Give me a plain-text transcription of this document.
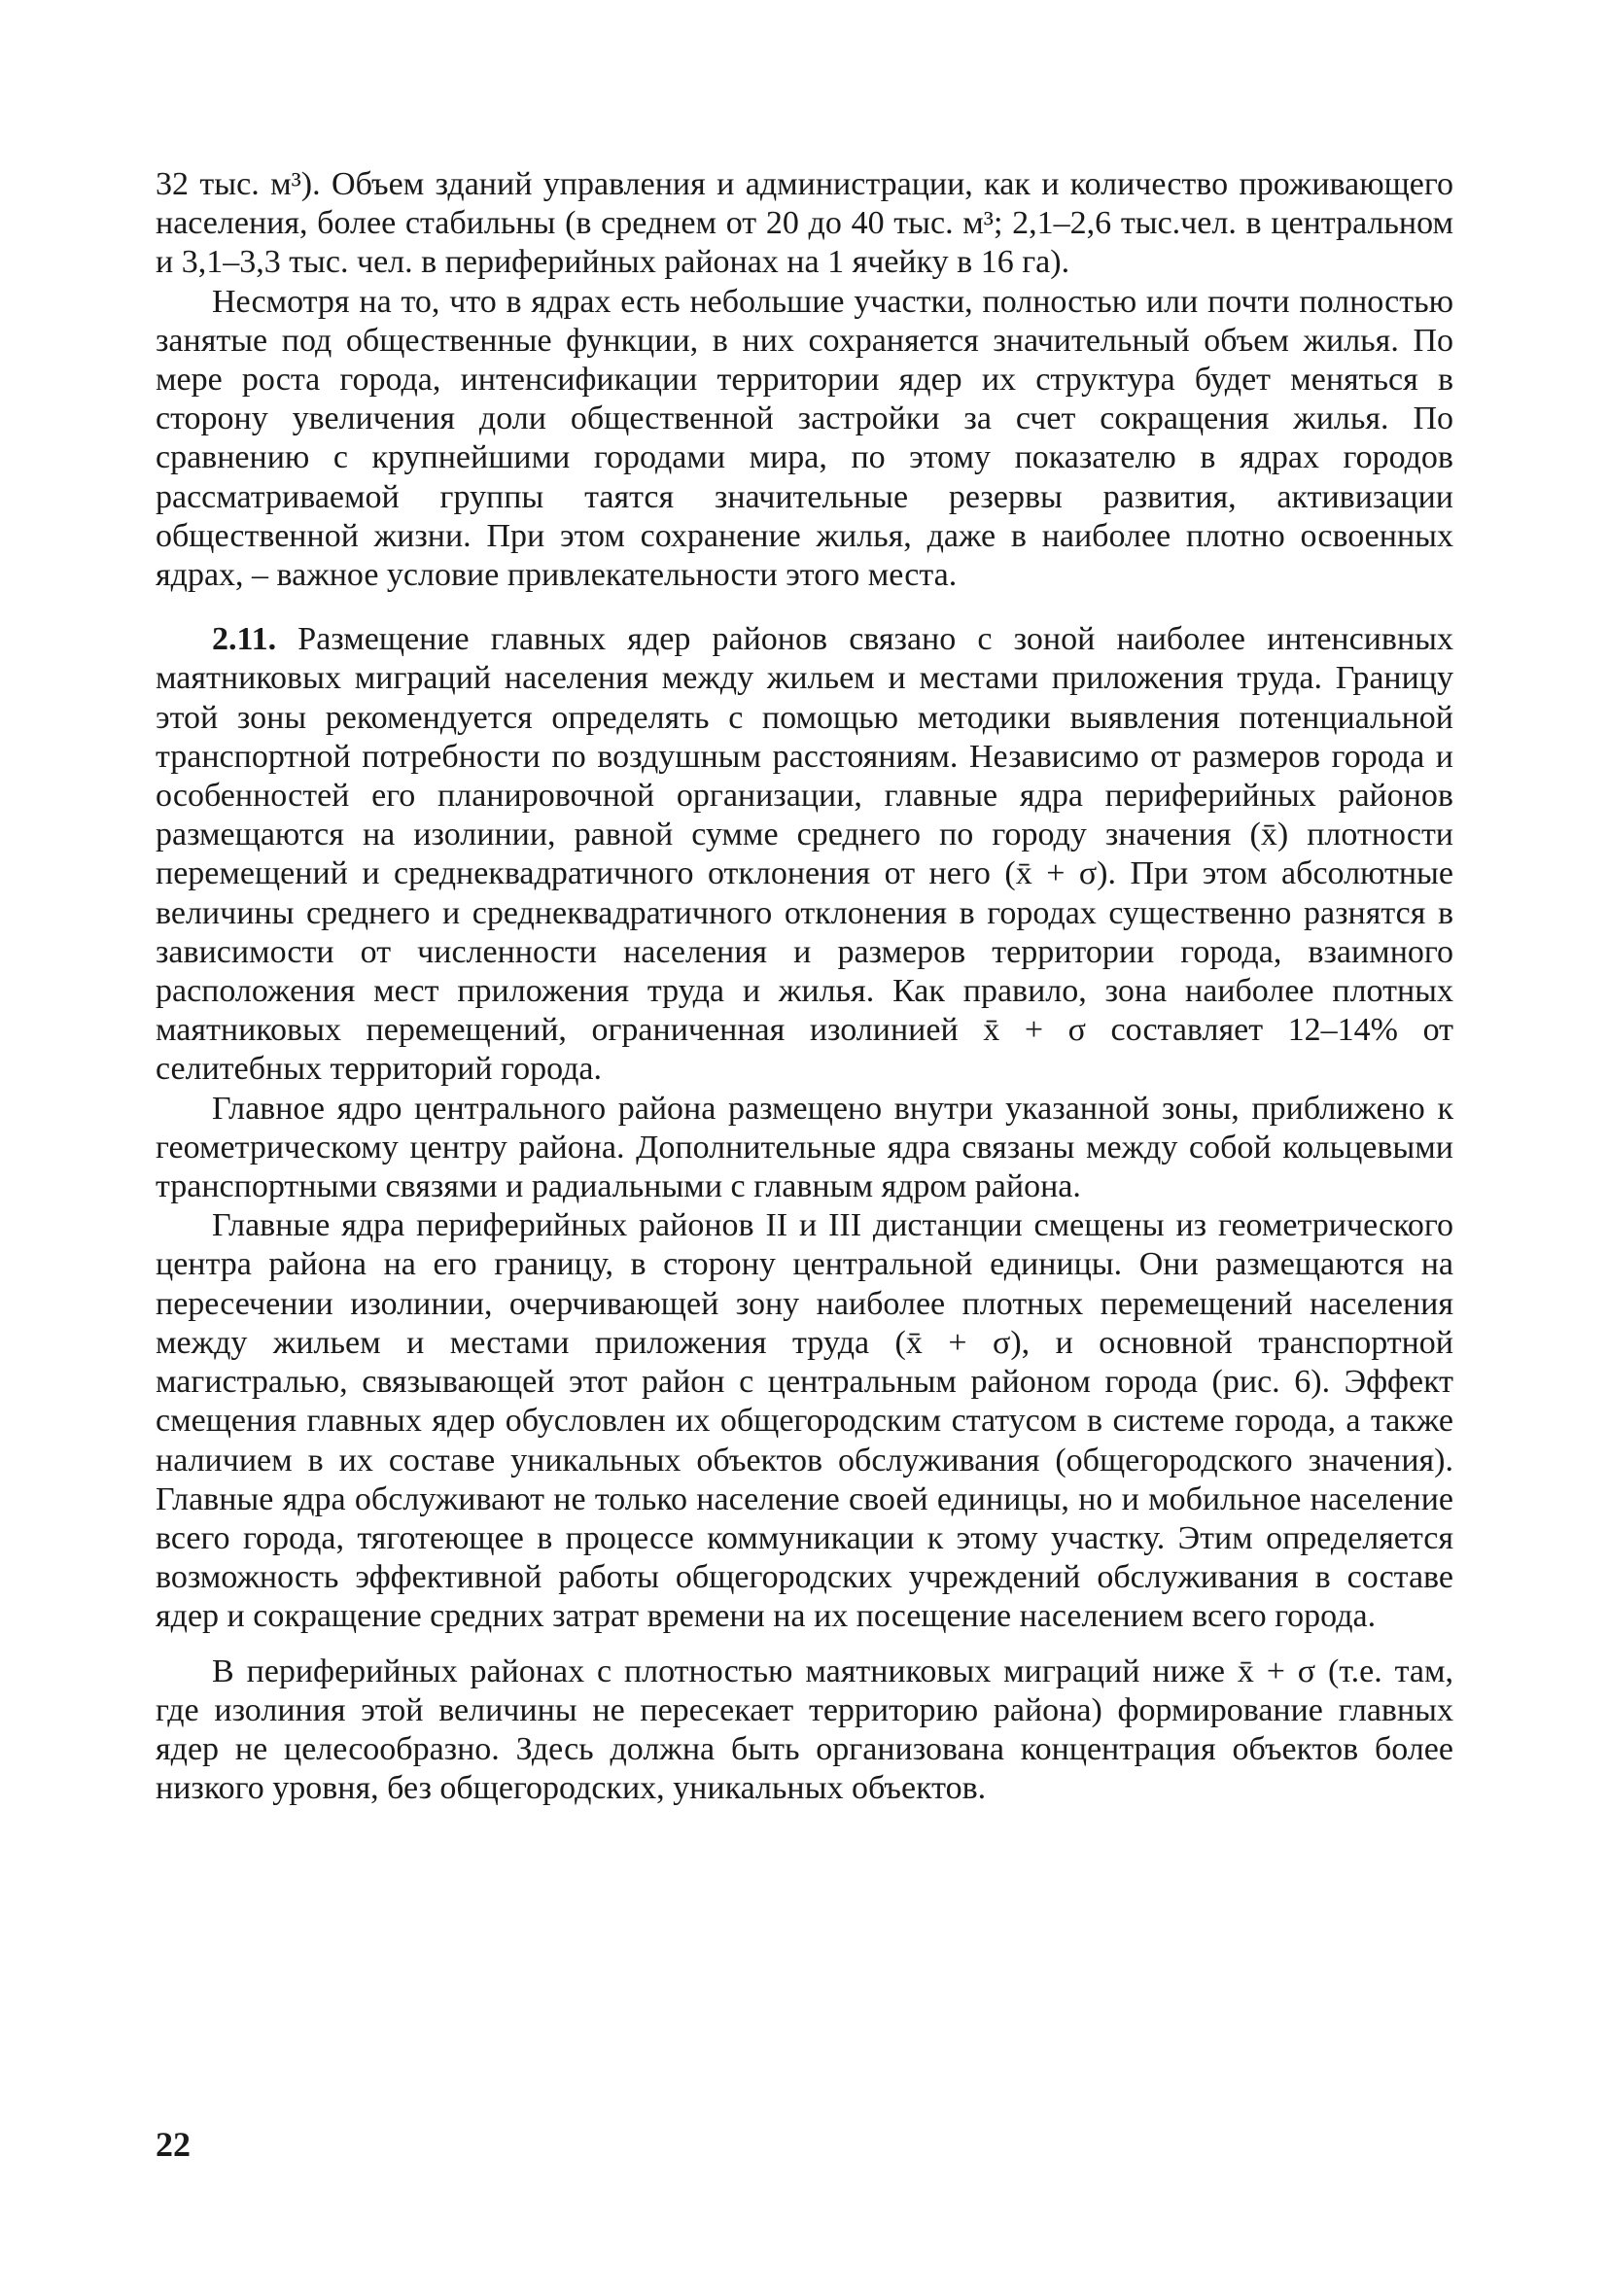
32 тыс. м³). Объем зданий управления и администрации, как и количество проживающего населения, более стабильны (в среднем от 20 до 40 тыс. м³; 2,1–2,6 тыс.чел. в центральном и 3,1–3,3 тыс. чел. в периферийных районах на 1 ячейку в 16 га).

Несмотря на то, что в ядрах есть небольшие участки, полностью или почти полностью занятые под общественные функции, в них сохраняется значительный объем жилья. По мере роста города, интенсификации территории ядер их структура будет меняться в сторону увеличения доли общественной застройки за счет сокращения жилья. По сравнению с крупнейшими городами мира, по этому показателю в ядрах городов рассматриваемой группы таятся значительные резервы развития, активизации общественной жизни. При этом сохранение жилья, даже в наиболее плотно освоенных ядрах, – важное условие привлекательности этого места.

2.11. Размещение главных ядер районов связано с зоной наиболее интенсивных маятниковых миграций населения между жильем и местами приложения труда. Границу этой зоны рекомендуется определять с помощью методики выявления потенциальной транспортной потребности по воздушным расстояниям. Независимо от размеров города и особенностей его планировочной организации, главные ядра периферийных районов размещаются на изолинии, равной сумме среднего по городу значения (x̄) плотности перемещений и среднеквадратичного отклонения от него (x̄ + σ). При этом абсолютные величины среднего и среднеквадратичного отклонения в городах существенно разнятся в зависимости от численности населения и размеров территории города, взаимного расположения мест приложения труда и жилья. Как правило, зона наиболее плотных маятниковых перемещений, ограниченная изолинией x̄ + σ составляет 12–14% от селитебных территорий города.

Главное ядро центрального района размещено внутри указанной зоны, приближено к геометрическому центру района. Дополнительные ядра связаны между собой кольцевыми транспортными связями и радиальными с главным ядром района.

Главные ядра периферийных районов II и III дистанции смещены из геометрического центра района на его границу, в сторону центральной единицы. Они размещаются на пересечении изолинии, очерчивающей зону наиболее плотных перемещений населения между жильем и местами приложения труда (x̄ + σ), и основной транспортной магистралью, связывающей этот район с центральным районом города (рис. 6). Эффект смещения главных ядер обусловлен их общегородским статусом в системе города, а также наличием в их составе уникальных объектов обслуживания (общегородского значения). Главные ядра обслуживают не только население своей единицы, но и мобильное население всего города, тяготеющее в процессе коммуникации к этому участку. Этим определяется возможность эффективной работы общегородских учреждений обслуживания в составе ядер и сокращение средних затрат времени на их посещение населением всего города.

В периферийных районах с плотностью маятниковых миграций ниже x̄ + σ (т.е. там, где изолиния этой величины не пересекает территорию района) формирование главных ядер не целесообразно. Здесь должна быть организована концентрация объектов более низкого уровня, без общегородских, уникальных объектов.

22
